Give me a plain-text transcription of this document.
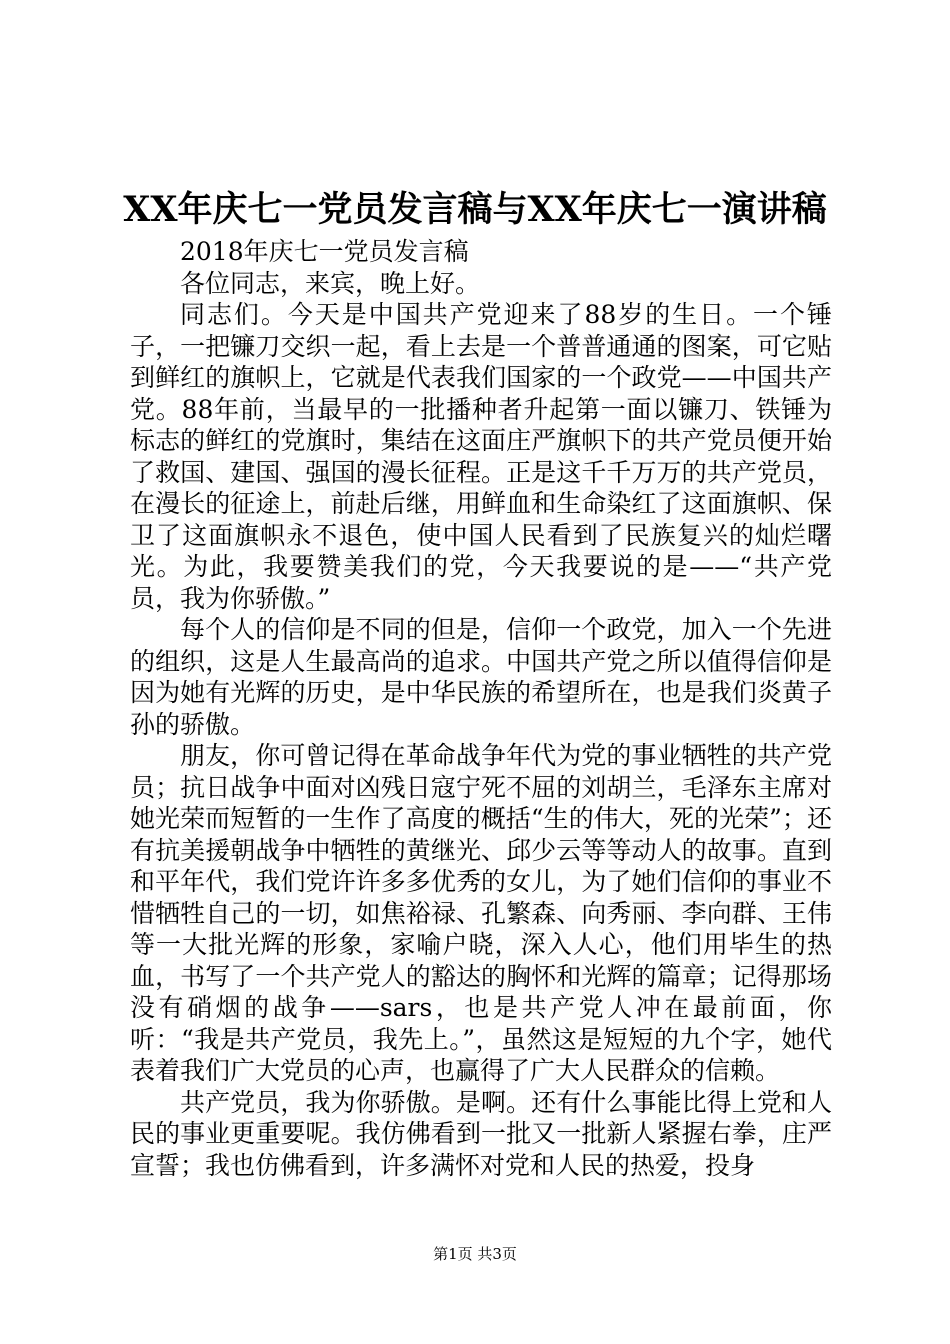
XX年庆七一党员发言稿与XX年庆七一演讲稿

2018年庆七一党员发言稿

各位同志，来宾，晚上好。

同志们。今天是中国共产党迎来了88岁的生日。一个锤子，一把镰刀交织一起，看上去是一个普普通通的图案，可它贴到鲜红的旗帜上，它就是代表我们国家的一个政党——中国共产党。88年前，当最早的一批播种者升起第一面以镰刀、铁锤为标志的鲜红的党旗时，集结在这面庄严旗帜下的共产党员便开始了救国、建国、强国的漫长征程。正是这千千万万的共产党员，在漫长的征途上，前赴后继，用鲜血和生命染红了这面旗帜、保卫了这面旗帜永不退色，使中国人民看到了民族复兴的灿烂曙光。为此，我要赞美我们的党，今天我要说的是——“共产党员，我为你骄傲。”

每个人的信仰是不同的但是，信仰一个政党，加入一个先进的组织，这是人生最高尚的追求。中国共产党之所以值得信仰是因为她有光辉的历史，是中华民族的希望所在，也是我们炎黄子孙的骄傲。

朋友，你可曾记得在革命战争年代为党的事业牺牲的共产党员；抗日战争中面对凶残日寇宁死不屈的刘胡兰，毛泽东主席对她光荣而短暂的一生作了高度的概括“生的伟大，死的光荣”；还有抗美援朝战争中牺牲的黄继光、邱少云等等动人的故事。直到和平年代，我们党许许多多优秀的女儿，为了她们信仰的事业不惜牺牲自己的一切，如焦裕禄、孔繁森、向秀丽、李向群、王伟等一大批光辉的形象，家喻户晓，深入人心，他们用毕生的热血，书写了一个共产党人的豁达的胸怀和光辉的篇章；记得那场没有硝烟的战争——sars，也是共产党人冲在最前面，你听：“我是共产党员，我先上。”，虽然这是短短的九个字，她代表着我们广大党员的心声，也赢得了广大人民群众的信赖。

共产党员，我为你骄傲。是啊。还有什么事能比得上党和人民的事业更重要呢。我仿佛看到一批又一批新人紧握右拳，庄严宣誓；我也仿佛看到，许多满怀对党和人民的热爱，投身

第1页 共3页
